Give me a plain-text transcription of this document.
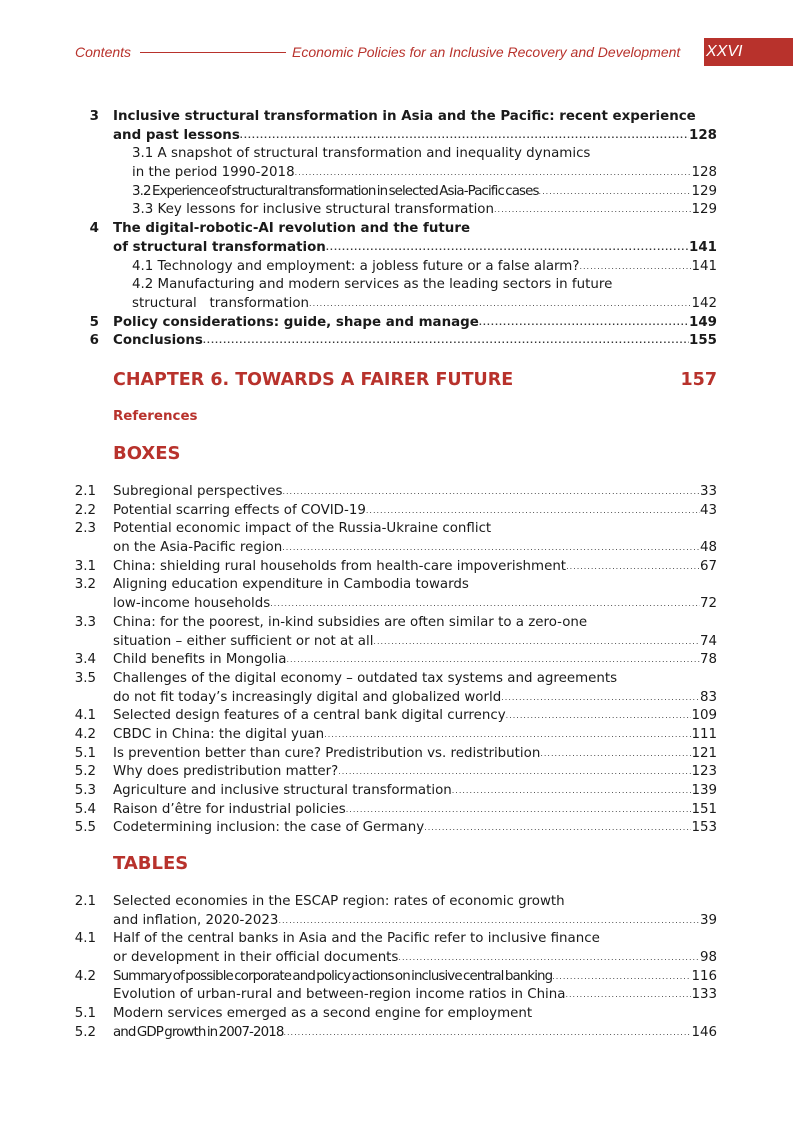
Contents	Economic Policies for an Inclusive Recovery and Development XXVI
3 Inclusive structural transformation in Asia and the Pacific: recent experience
and past lessons .....	128
3.1 A snapshot of structural transformation and inequality dynamics
in the period 1990-2018 .....	128
3.2 Experience of structural transformation in selected Asia-Pacific cases .....	129
3.3 Key lessons for inclusive structural transformation .....	129
4 The digital-robotic-AI revolution and the future
of structural transformation .....	141
4.1 Technology and employment: a jobless future or a false alarm? .....	141
4.2 Manufacturing and modern services as the leading sectors in future
structural   transformation .....	142
5 Policy considerations: guide, shape and manage .....	149
6 Conclusions .....	155
CHAPTER 6. TOWARDS A FAIRER FUTURE	157
References
BOXES
2.1 Subregional perspectives .....	33
2.2 Potential scarring effects of COVID-19 .....	43
2.3 Potential economic impact of the Russia-Ukraine conflict
on the Asia-Pacific region .....	48
3.1 China: shielding rural households from health-care impoverishment .....	67
3.2 Aligning education expenditure in Cambodia towards
low-income households .....	72
3.3 China: for the poorest, in-kind subsidies are often similar to a zero-one
situation – either sufficient or not at all .....	74
3.4 Child benefits in Mongolia .....	78
3.5 Challenges of the digital economy – outdated tax systems and agreements
do not fit today’s increasingly digital and globalized world .....	83
4.1 Selected design features of a central bank digital currency .....	109
4.2 CBDC in China: the digital yuan .....	111
5.1 Is prevention better than cure? Predistribution vs. redistribution .....	121
5.2 Why does predistribution matter? .....	123
5.3 Agriculture and inclusive structural transformation .....	139
5.4 Raison d’être for industrial policies .....	151
5.5 Codetermining inclusion: the case of Germany .....	153
TABLES
2.1 Selected economies in the ESCAP region: rates of economic growth
and inflation, 2020-2023 .....	39
4.1 Half of the central banks in Asia and the Pacific refer to inclusive finance
or development in their official documents .....	98
4.2 Summary of possible corporate and policy actions on inclusive central banking .....	116
Evolution of urban-rural and between-region income ratios in China .....	133
5.1 Modern services emerged as a second engine for employment
5.2 and GDP growth in 2007-2018 .....	146
